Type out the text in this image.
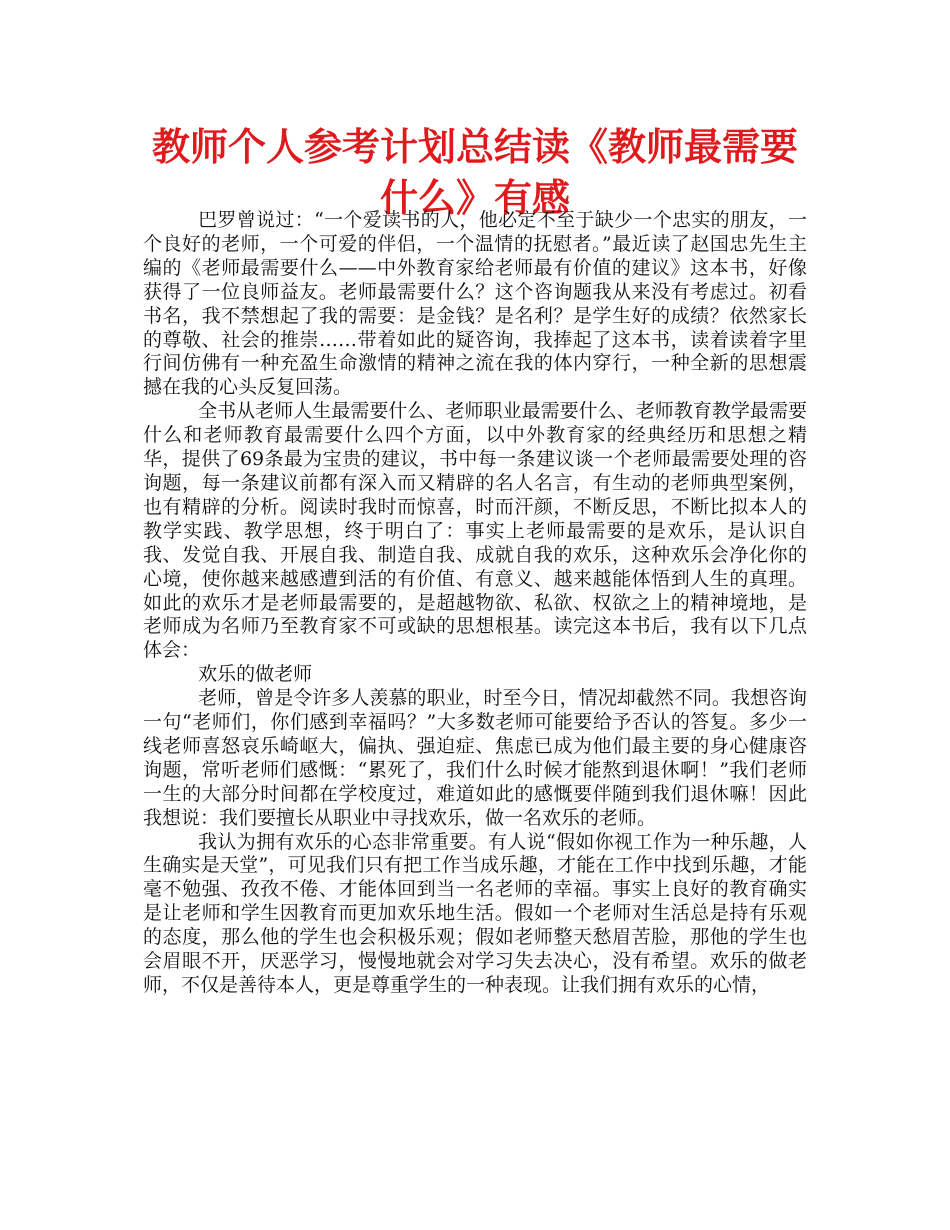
教师个人参考计划总结读《教师最需要什么》有感

巴罗曾说过：“一个爱读书的人，他必定不至于缺少一个忠实的朋友，一个良好的老师，一个可爱的伴侣，一个温情的抚慰者。”最近读了赵国忠先生主编的《老师最需要什么——中外教育家给老师最有价值的建议》这本书，好像获得了一位良师益友。老师最需要什么？这个咨询题我从来没有考虑过。初看书名，我不禁想起了我的需要：是金钱？是名利？是学生好的成绩？依然家长的尊敬、社会的推崇……带着如此的疑咨询，我捧起了这本书，读着读着字里行间仿佛有一种充盈生命激情的精神之流在我的体内穿行，一种全新的思想震撼在我的心头反复回荡。

全书从老师人生最需要什么、老师职业最需要什么、老师教育教学最需要什么和老师教育最需要什么四个方面，以中外教育家的经典经历和思想之精华，提供了69条最为宝贵的建议，书中每一条建议谈一个老师最需要处理的咨询题，每一条建议前都有深入而又精辟的名人名言，有生动的老师典型案例，也有精辟的分析。阅读时我时而惊喜，时而汗颜，不断反思，不断比拟本人的教学实践、教学思想，终于明白了：事实上老师最需要的是欢乐，是认识自我、发觉自我、开展自我、制造自我、成就自我的欢乐，这种欢乐会净化你的心境，使你越来越感遭到活的有价值、有意义、越来越能体悟到人生的真理。如此的欢乐才是老师最需要的，是超越物欲、私欲、权欲之上的精神境地，是老师成为名师乃至教育家不可或缺的思想根基。读完这本书后，我有以下几点体会：

欢乐的做老师

老师，曾是令许多人羡慕的职业，时至今日，情况却截然不同。我想咨询一句“老师们，你们感到幸福吗？”大多数老师可能要给予否认的答复。多少一线老师喜怒哀乐崎岖大，偏执、强迫症、焦虑已成为他们最主要的身心健康咨询题，常听老师们感慨：“累死了，我们什么时候才能熬到退休啊！”我们老师一生的大部分时间都在学校度过，难道如此的感慨要伴随到我们退休嘛！因此我想说：我们要擅长从职业中寻找欢乐，做一名欢乐的老师。

我认为拥有欢乐的心态非常重要。有人说“假如你视工作为一种乐趣，人生确实是天堂”，可见我们只有把工作当成乐趣，才能在工作中找到乐趣，才能毫不勉强、孜孜不倦、才能体回到当一名老师的幸福。事实上良好的教育确实是让老师和学生因教育而更加欢乐地生活。假如一个老师对生活总是持有乐观的态度，那么他的学生也会积极乐观；假如老师整天愁眉苦脸，那他的学生也会眉眼不开，厌恶学习，慢慢地就会对学习失去决心，没有希望。欢乐的做老师，不仅是善待本人，更是尊重学生的一种表现。让我们拥有欢乐的心情，
